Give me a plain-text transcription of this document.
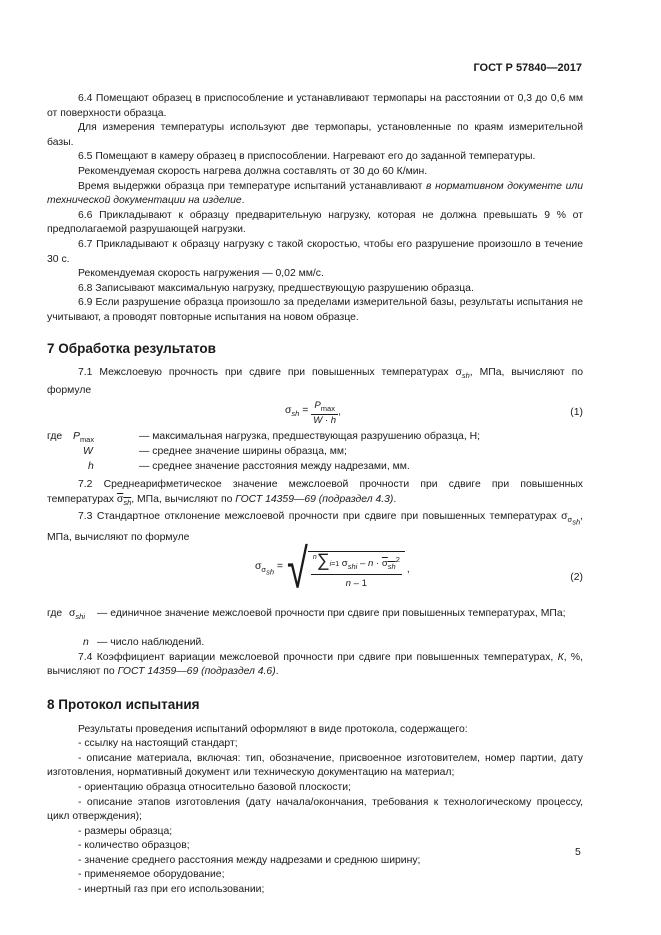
ГОСТ Р 57840—2017

6.4 Помещают образец в приспособление и устанавливают термопары на расстоянии от 0,3 до 0,6 мм от поверхности образца.

Для измерения температуры используют две термопары, установленные по краям измерительной базы.

6.5 Помещают в камеру образец в приспособлении. Нагревают его до заданной температуры.

Рекомендуемая скорость нагрева должна составлять от 30 до 60 К/мин.

Время выдержки образца при температуре испытаний устанавливают в нормативном документе или технической документации на изделие.

6.6 Прикладывают к образцу предварительную нагрузку, которая не должна превышать 9 % от предполагаемой разрушающей нагрузки.

6.7 Прикладывают к образцу нагрузку с такой скоростью, чтобы его разрушение произошло в течение 30 с.

Рекомендуемая скорость нагружения — 0,02 мм/с.

6.8 Записывают максимальную нагрузку, предшествующую разрушению образца.

6.9 Если разрушение образца произошло за пределами измерительной базы, результаты испытания не учитывают, а проводят повторные испытания на новом образце.

7 Обработка результатов

7.1 Межслоевую прочность при сдвиге при повышенных температурах $\sigma_{sh}$, МПа, вычисляют по формуле

$\sigma_{sh} = \frac{P_{max}}{W \cdot h}$ ,	(1)
где $P_{max}$	— максимальная нагрузка, предшествующая разрушению образца, Н;
W	— среднее значение ширины образца, мм;
h	— среднее значение расстояния между надрезами, мм.

7.2 Среднеарифметическое значение межслоевой прочности при сдвиге при повышенных температурах $\sigma_{sh}$, МПа, вычисляют по ГОСТ 14359—69 (подраздел 4.3).

7.3 Стандартное отклонение межслоевой прочности при сдвиге при повышенных температурах $\sigma_{\sigma_{sh}}$, МПа, вычисляют по формуле

$\sigma_{\sigma_{sh}}$ = √ $\frac{^n\sum i=1 \sigma_{shi} - n \cdot \sigma_{sh}^2}{n - 1}$ ,
(2)
где $\sigma_{shi}$ — единичное значение межслоевой прочности при сдвиге при повышенных температурах, МПа;
n — число наблюдений.

7.4 Коэффициент вариации межслоевой прочности при сдвиге при повышенных температурах, К, %, вычисляют по ГОСТ 14359—69 (подраздел 4.6).

8 Протокол испытания

Результаты проведения испытаний оформляют в виде протокола, содержащего:

- ссылку на настоящий стандарт;

- описание материала, включая: тип, обозначение, присвоенное изготовителем, номер партии, дату изготовления, нормативный документ или техническую документацию на материал;

- ориентацию образца относительно базовой плоскости;

- описание этапов изготовления (дату начала/окончания, требования к технологическому процессу, цикл отверждения);

- размеры образца;

- количество образцов;

- значение среднего расстояния между надрезами и среднюю ширину;

- применяемое оборудование;

- инертный газ при его использовании;

5
